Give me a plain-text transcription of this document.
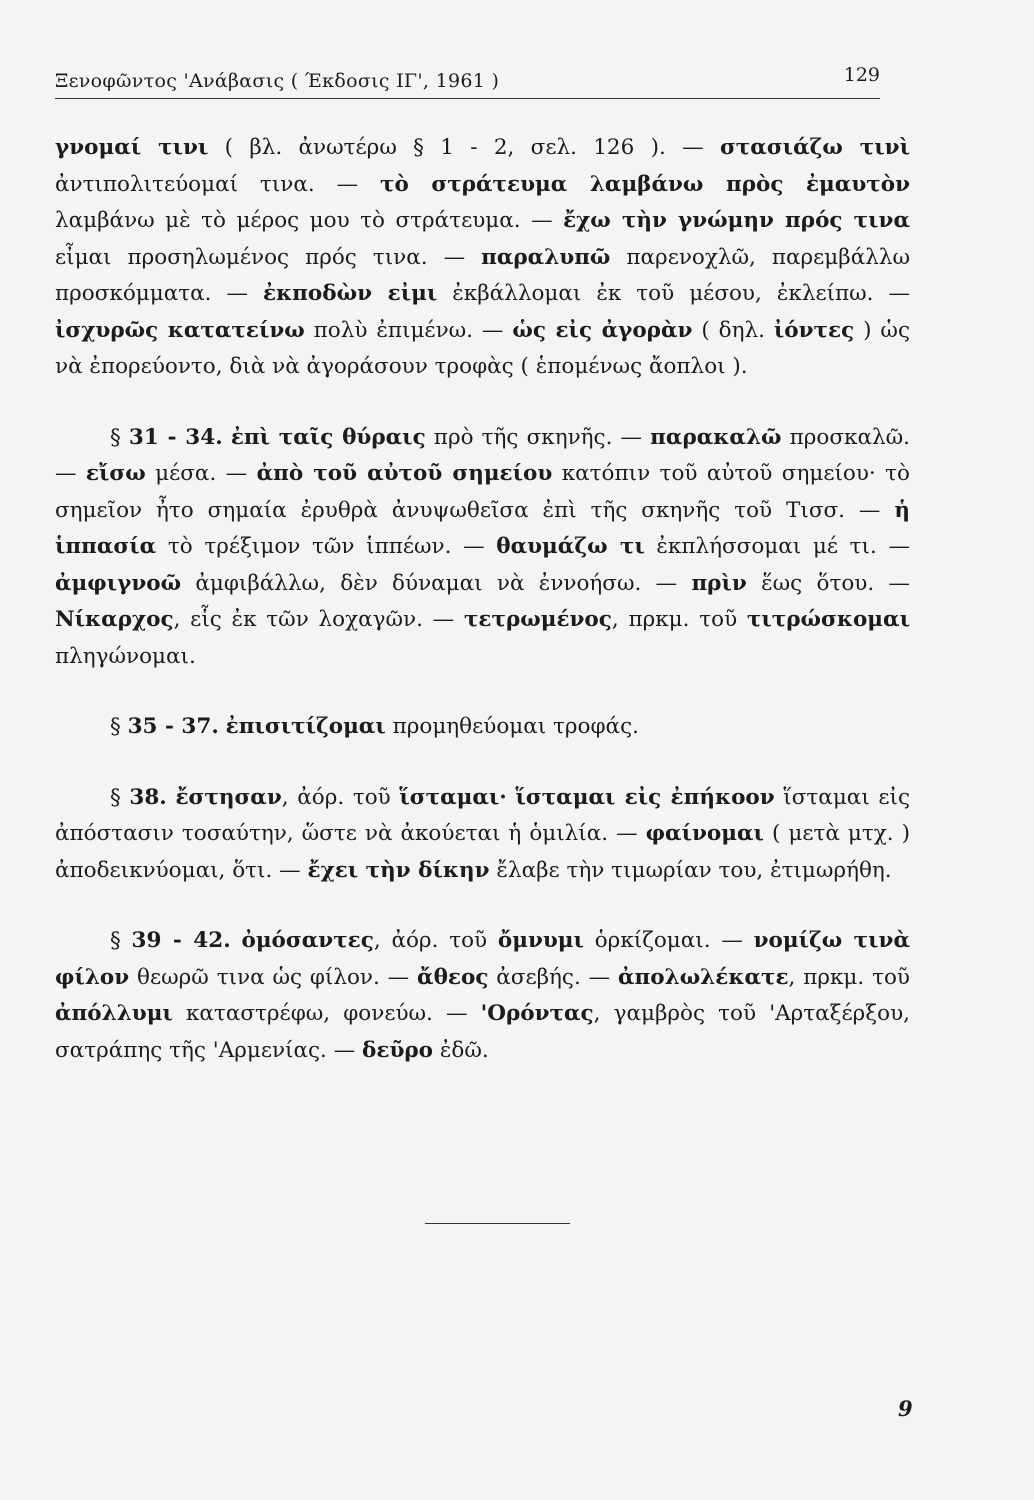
Ξενοφῶντος 'Ανάβασις ( Έκδοσις ΙΓ', 1961 )	129

γνομαί τινι ( βλ. ἀνωτέρω § 1 - 2, σελ. 126 ). — στασιάζω τινὶ ἀντιπολιτεύομαί τινα. — τὸ στράτευμα λαμβάνω πρὸς ἐμαυτὸν λαμβάνω μὲ τὸ μέρος μου τὸ στράτευμα. — ἔχω τὴν γνώμην πρός τινα εἶμαι προσηλωμένος πρός τινα. — παραλυπῶ παρενοχλῶ, παρεμβάλλω προσκόμματα. — ἐκποδὼν εἰμι ἐκβάλλομαι ἐκ τοῦ μέσου, ἐκλείπω. — ἰσχυρῶς κατατείνω πολὺ ἐπιμένω. — ὡς εἰς ἀγορὰν ( δηλ. ἰόντες ) ὡς νὰ ἐπορεύοντο, διὰ νὰ ἀγοράσουν τροφὰς ( ἑπομένως ἄοπλοι ).

§ 31 - 34. ἐπὶ ταῖς θύραις πρὸ τῆς σκηνῆς. — παρακαλῶ προσκαλῶ. — εἴσω μέσα. — ἀπὸ τοῦ αὐτοῦ σημείου κατόπιν τοῦ αὐτοῦ σημείου· τὸ σημεῖον ἦτο σημαία ἐρυθρὰ ἀνυψωθεῖσα ἐπὶ τῆς σκηνῆς τοῦ Τισσ. — ἡ ἱππασία τὸ τρέξιμον τῶν ἱππέων. — θαυμάζω τι ἐκπλήσσομαι μέ τι. — ἀμφιγνοῶ ἀμφιβάλλω, δὲν δύναμαι νὰ ἐννοήσω. — πρὶν ἕως ὅτου. — Νίκαρχος, εἷς ἐκ τῶν λοχαγῶν. — τετρωμένος, πρκμ. τοῦ τιτρώσκομαι πληγώνομαι.

§ 35 - 37. ἐπισιτίζομαι προμηθεύομαι τροφάς.

§ 38. ἔστησαν, ἀόρ. τοῦ ἵσταμαι· ἵσταμαι εἰς ἐπήκοον ἵσταμαι εἰς ἀπόστασιν τοσαύτην, ὥστε νὰ ἀκούεται ἡ ὁμιλία. — φαίνομαι ( μετὰ μτχ. ) ἀποδεικνύομαι, ὅτι. — ἔχει τὴν δίκην ἔλαβε τὴν τιμωρίαν του, ἐτιμωρήθη.

§ 39 - 42. ὀμόσαντες, ἀόρ. τοῦ ὄμνυμι ὁρκίζομαι. — νομίζω τινὰ φίλον θεωρῶ τινα ὡς φίλον. — ἄθεος ἀσεβής. — ἀπολωλέκατε, πρκμ. τοῦ ἀπόλλυμι καταστρέφω, φονεύω. — 'Ορόντας, γαμβρὸς τοῦ 'Αρταξέρξου, σατράπης τῆς 'Αρμενίας. — δεῦρο ἐδῶ.

9
